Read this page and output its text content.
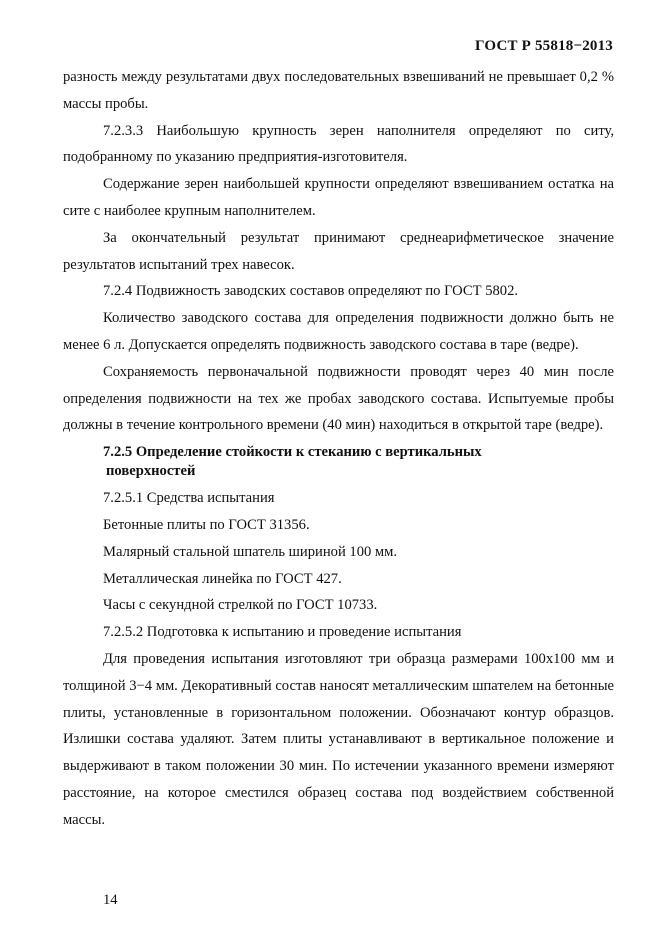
ГОСТ Р 55818−2013

разность между результатами двух последовательных взвешиваний не превышает 0,2 % массы пробы.

7.2.3.3 Наибольшую крупность зерен наполнителя определяют по ситу, подобранному по указанию предприятия-изготовителя.

Содержание зерен наибольшей крупности определяют взвешиванием остатка на сите с наиболее крупным наполнителем.

За окончательный результат принимают среднеарифметическое значение результатов испытаний трех навесок.

7.2.4 Подвижность заводских составов определяют по ГОСТ 5802.

Количество заводского состава для определения подвижности должно быть не менее 6 л. Допускается определять подвижность заводского состава в таре (ведре).

Сохраняемость первоначальной подвижности проводят через 40 мин после определения подвижности на тех же пробах заводского состава. Испытуемые пробы должны в течение контрольного времени (40 мин) находиться в открытой таре (ведре).

7.2.5 Определение стойкости к стеканию с вертикальных
поверхностей

7.2.5.1 Средства испытания

Бетонные плиты по ГОСТ 31356.

Малярный стальной шпатель шириной 100 мм.

Металлическая линейка по ГОСТ 427.

Часы с секундной стрелкой по ГОСТ 10733.

7.2.5.2 Подготовка к испытанию и проведение испытания

Для проведения испытания изготовляют три образца размерами 100x100 мм и толщиной 3−4 мм. Декоративный состав наносят металлическим шпателем на бетонные плиты, установленные в горизонтальном положении. Обозначают контур образцов. Излишки состава удаляют. Затем плиты устанавливают в вертикальное положение и выдерживают в таком положении 30 мин. По истечении указанного времени измеряют расстояние, на которое сместился образец состава под воздействием собственной массы.

14
